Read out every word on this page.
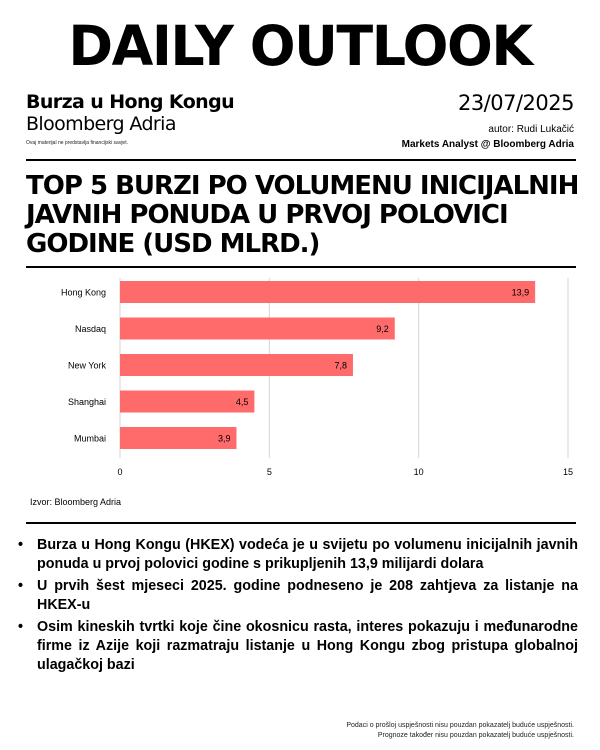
DAILY OUTLOOK
Burza u Hong Kongu
Bloomberg Adria
Ovaj materijal ne predstavlja financijski savjet.
23/07/2025
autor: Rudi Lukačić
Markets Analyst @ Bloomberg Adria
TOP 5 BURZI PO VOLUMENU INICIJALNIH JAVNIH PONUDA U PRVOJ POLOVICI GODINE (USD MLRD.)
Hong Kong	13,9
Nasdaq	9,2
New York	7,8
Shanghai	4,5
Mumbai	3,9
0	5	10	15
Izvor: Bloomberg Adria
• Burza u Hong Kongu (HKEX) vodeća je u svijetu po volumenu inicijalnih javnih ponuda u prvoj polovici godine s prikupljenih 13,9 milijardi dolara
• U prvih šest mjeseci 2025. godine podneseno je 208 zahtjeva za listanje na HKEX-u
• Osim kineskih tvrtki koje čine okosnicu rasta, interes pokazuju i međunarodne firme iz Azije koji razmatraju listanje u Hong Kongu zbog pristupa globalnoj ulagačkoj bazi
Podaci o prošlој uspješnosti nisu pouzdan pokazatelj buduće uspješnosti.
Prognoze također nisu pouzdan pokazatelj buduće uspješnosti.
